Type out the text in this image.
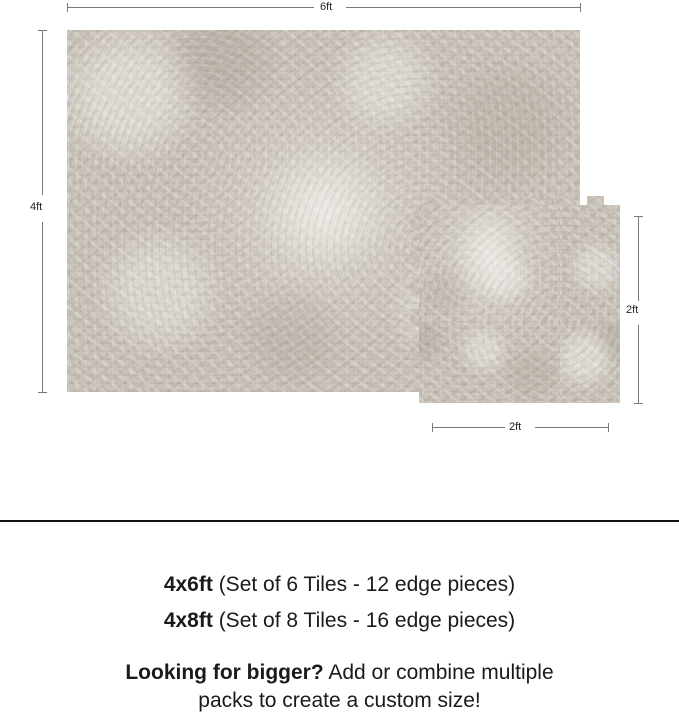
6ft
4ft
2ft
2ft

4x6ft (Set of 6 Tiles - 12 edge pieces)

4x8ft (Set of 8 Tiles - 16 edge pieces)

Looking for bigger? Add or combine multiple

packs to create a custom size!
